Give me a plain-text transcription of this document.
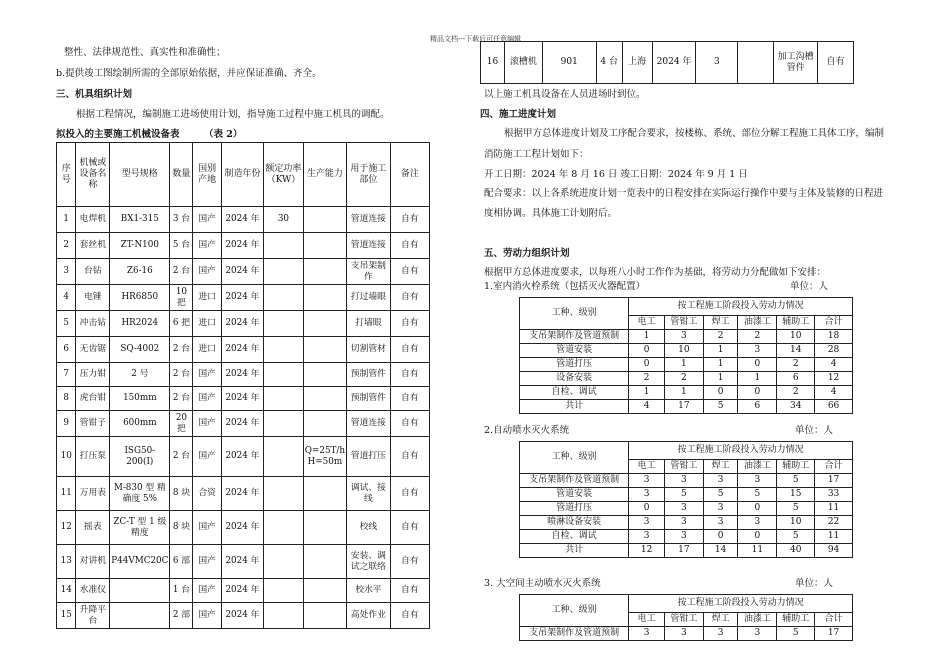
精品文档---下载后可任意编辑
整性、法律规范性、真实性和准确性；
b.提供竣工图绘制所需的全部原始依据，并应保证准确、齐全。
三、机具组织计划
根据工程情况，编制施工进场使用计划，指导施工过程中施工机具的调配。
拟投入的主要施工机械设备表	（表 2）
序号	机械或设备名称	型号规格	数量	国别产地	制造年份	额定功率（KW）	生产能力	用于施工部位	备注
1	电焊机	BX1-315	3 台	国产	2024 年	30		管道连接	自有
2	套丝机	ZT-N100	5 台	国产	2024 年			管道连接	自有
3	台钻	Z6-16	2 台	国产	2024 年			支吊架制作	自有
4	电锤	HR6850	10 把	进口	2024 年			打过墙眼	自有
5	冲击钻	HR2024	6 把	进口	2024 年			打墙眼	自有
6	无齿锯	SQ-4002	2 台	进口	2024 年			切割管材	自有
7	压力钳	2 号	2 台	国产	2024 年			预制管件	自有
8	虎台钳	150mm	2 台	国产	2024 年			预制管件	自有
9	管钳子	600mm	20 把	国产	2024 年			管道连接	自有
10	打压泵	ISG50-200(I)	2 台	国产	2024 年		Q=25T/h H=50m	管道打压	自有
11	万用表	M-830 型 精确度 5%	8 块	合资	2024 年			调试、接线	自有
12	摇表	ZC-T 型 1 级精度	8 块	国产	2024 年			校线	自有
13	对讲机	P44VMC20C	6 部	国产	2024 年			安装、调试之联络	自有
14	水准仪		1 台	国产	2024 年			校水平	自有
15	升降平台		2 部	国产	2024 年			高处作业	自有
16	滚槽机	901	4 台	上海	2024 年	3		加工沟槽管件	自有
以上施工机具设备在人员进场时到位。
四、施工进度计划
根据甲方总体进度计划及工序配合要求，按楼栋、系统、部位分解工程施工具体工序，编制
消防施工工程计划如下：
开工日期：2024 年 8 月 16 日 竣工日期：2024 年 9 月 1 日
配合要求：以上各系统进度计划一览表中的日程安排在实际运行操作中要与主体及装修的日程进
度相协调。具体施工计划附后。
五、劳动力组织计划
根据甲方总体进度要求，以每班八小时工作作为基础，将劳动力分配做如下安排：
1.室内消火栓系统（包括灭火器配置）	单位：人
工种、级别	按工程施工阶段投入劳动力情况					
	电工	管钳工	焊工	油漆工	辅助工	合计
支吊架制作及管道预制	1	3	2	2	10	18
管道安装	0	10	1	3	14	28
管道打压	0	1	1	0	2	4
设备安装	2	2	1	1	6	12
自检、调试	1	1	0	0	2	4
共计	4	17	5	6	34	66
2.自动喷水灭火系统	单位：人
工种、级别	按工程施工阶段投入劳动力情况					
	电工	管钳工	焊工	油漆工	辅助工	合计
支吊架制作及管道预制	3	3	3	3	5	17
管道安装	3	5	5	5	15	33
管道打压	0	3	3	0	5	11
喷淋设备安装	3	3	3	3	10	22
自检、调试	3	3	0	0	5	11
共计	12	17	14	11	40	94
3. 大空间主动喷水灭火系统	单位：人
工种、级别	按工程施工阶段投入劳动力情况					
	电工	管钳工	焊工	油漆工	辅助工	合计
支吊架制作及管道预制	3	3	3	3	5	17
